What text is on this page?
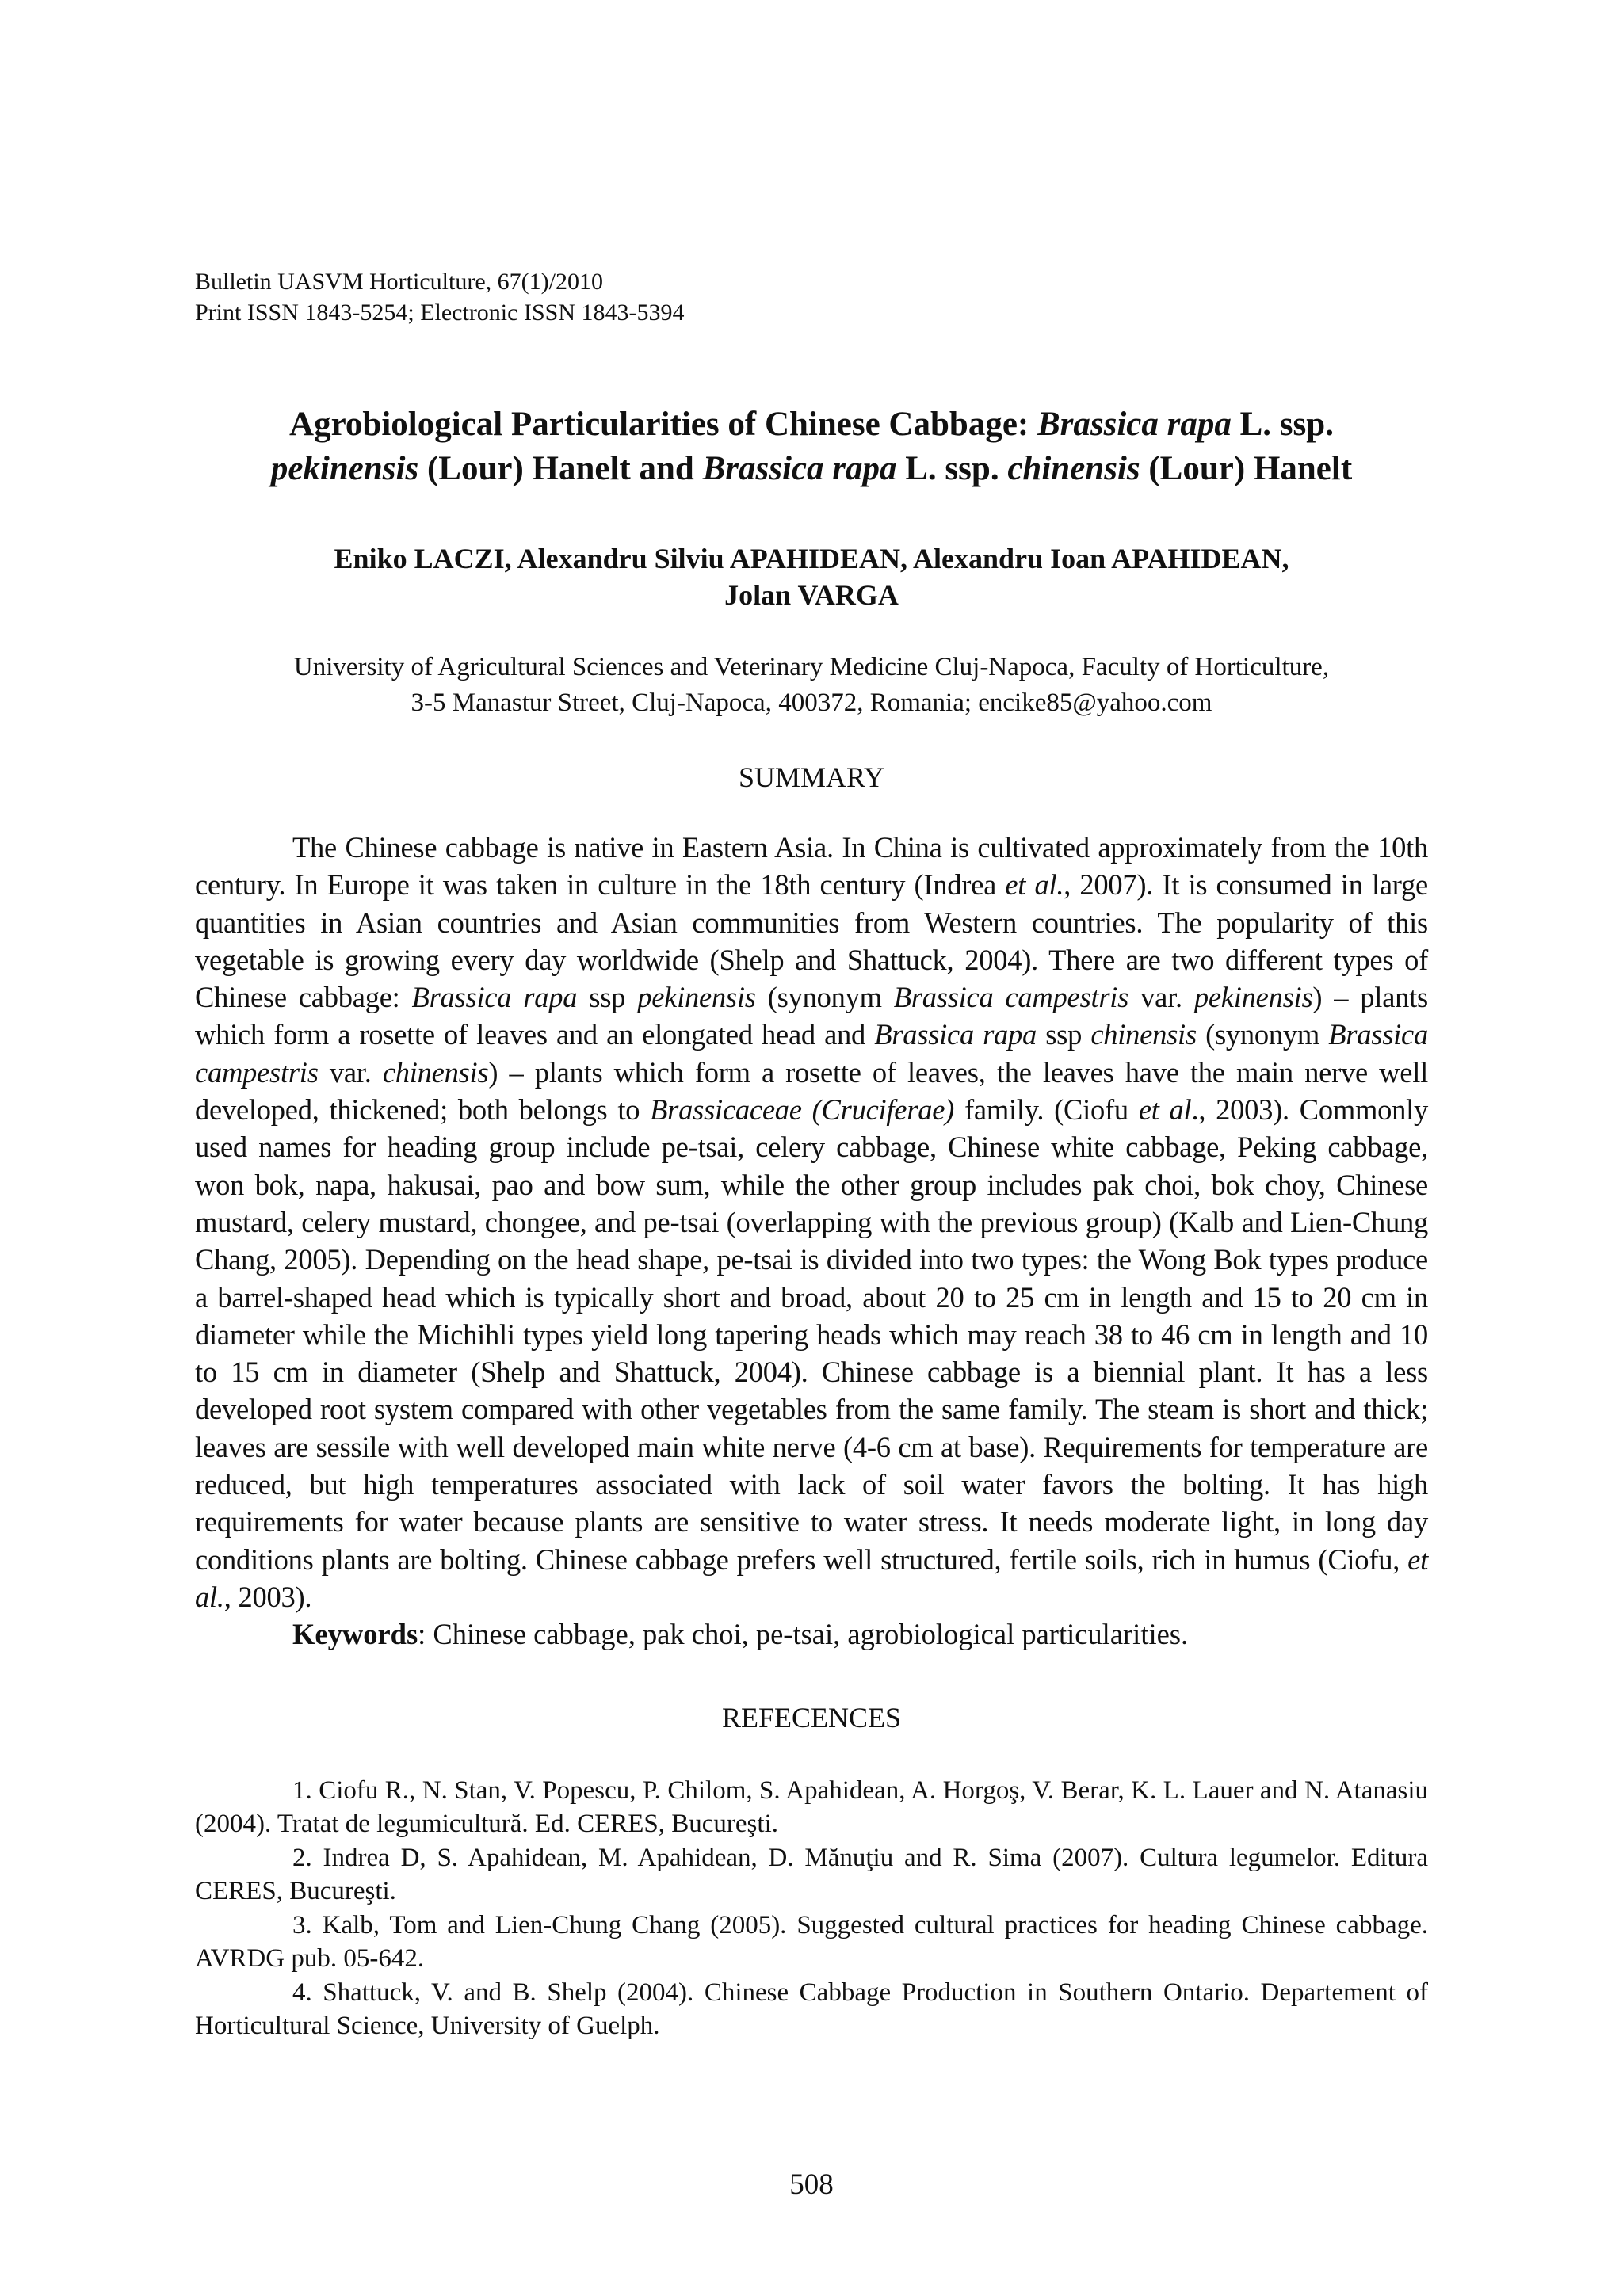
Bulletin UASVM Horticulture, 67(1)/2010

Print ISSN 1843-5254; Electronic ISSN 1843-5394

Agrobiological Particularities of Chinese Cabbage: Brassica rapa L. ssp.
pekinensis (Lour) Hanelt and Brassica rapa L. ssp. chinensis (Lour) Hanelt
Eniko LACZI, Alexandru Silviu APAHIDEAN, Alexandru Ioan APAHIDEAN,
Jolan VARGA
University of Agricultural Sciences and Veterinary Medicine Cluj-Napoca, Faculty of Horticulture,
3-5 Manastur Street, Cluj-Napoca, 400372, Romania; encike85@yahoo.com
SUMMARY

The Chinese cabbage is native in Eastern Asia. In China is cultivated approximately from the 10th century. In Europe it was taken in culture in the 18th century (Indrea et al., 2007). It is consumed in large quantities in Asian countries and Asian communities from Western countries. The popularity of this vegetable is growing every day worldwide (Shelp and Shattuck, 2004). There are two different types of Chinese cabbage: Brassica rapa ssp pekinensis (synonym Brassica campestris var. pekinensis) – plants which form a rosette of leaves and an elongated head and Brassica rapa ssp chinensis (synonym Brassica campestris var. chinensis) – plants which form a rosette of leaves, the leaves have the main nerve well developed, thickened; both belongs to Brassicaceae (Cruciferae) family. (Ciofu et al., 2003). Commonly used names for heading group include pe-tsai, celery cabbage, Chinese white cabbage, Peking cabbage, won bok, napa, hakusai, pao and bow sum, while the other group includes pak choi, bok choy, Chinese mustard, celery mustard, chongee, and pe-tsai (overlapping with the previous group) (Kalb and Lien-Chung Chang, 2005). Depending on the head shape, pe-tsai is divided into two types: the Wong Bok types produce a barrel-shaped head which is typically short and broad, about 20 to 25 cm in length and 15 to 20 cm in diameter while the Michihli types yield long tapering heads which may reach 38 to 46 cm in length and 10 to 15 cm in diameter (Shelp and Shattuck, 2004). Chinese cabbage is a biennial plant. It has a less developed root system compared with other vegetables from the same family. The steam is short and thick; leaves are sessile with well developed main white nerve (4-6 cm at base). Requirements for temperature are reduced, but high temperatures associated with lack of soil water favors the bolting. It has high requirements for water because plants are sensitive to water stress. It needs moderate light, in long day conditions plants are bolting. Chinese cabbage prefers well structured, fertile soils, rich in humus (Ciofu, et al., 2003).

Keywords: Chinese cabbage, pak choi, pe-tsai, agrobiological particularities.

REFECENCES

1. Ciofu R., N. Stan, V. Popescu, P. Chilom, S. Apahidean, A. Horgoş, V. Berar, K. L. Lauer and N. Atanasiu (2004). Tratat de legumicultură. Ed. CERES, Bucureşti.

2. Indrea D, S. Apahidean, M. Apahidean, D. Mănuţiu and R. Sima (2007). Cultura legumelor. Editura CERES, Bucureşti.

3. Kalb, Tom and Lien-Chung Chang (2005). Suggested cultural practices for heading Chinese cabbage. AVRDG pub. 05-642.

4. Shattuck, V. and B. Shelp (2004). Chinese Cabbage Production in Southern Ontario. Departement of Horticultural Science, University of Guelph.

508
